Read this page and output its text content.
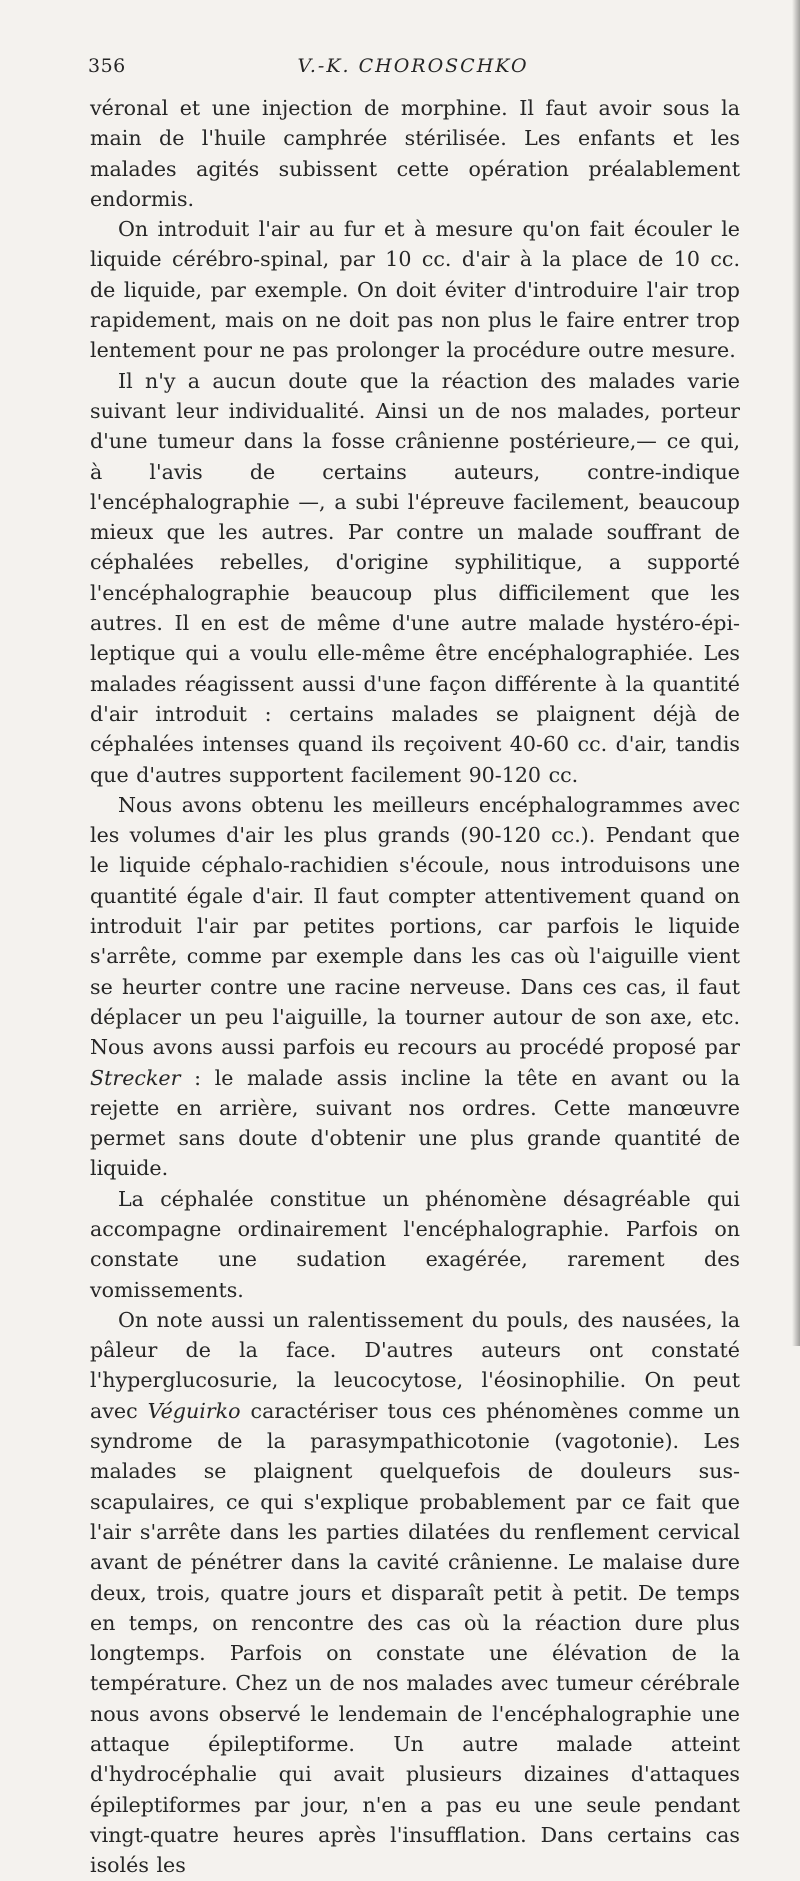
356	V.-K. CHOROSCHKO

véronal et une injection de morphine. Il faut avoir sous la main de l'huile camphrée stérilisée. Les enfants et les malades agités subissent cette opération préalablement endormis.

On introduit l'air au fur et à mesure qu'on fait écouler le liquide cérébro-spinal, par 10 cc. d'air à la place de 10 cc. de liquide, par exemple. On doit éviter d'introduire l'air trop rapidement, mais on ne doit pas non plus le faire entrer trop lentement pour ne pas prolonger la procédure outre mesure.

Il n'y a aucun doute que la réaction des malades varie suivant leur individualité. Ainsi un de nos malades, porteur d'une tumeur dans la fosse crânienne postérieure,— ce qui, à l'avis de certains auteurs, contre-indique l'encéphalographie —, a subi l'épreuve facilement, beaucoup mieux que les autres. Par contre un malade souffrant de céphalées rebelles, d'origine syphilitique, a supporté l'encéphalographie beaucoup plus difficilement que les autres. Il en est de même d'une autre malade hystéro-épileptique qui a voulu elle-même être encéphalographiée. Les malades réagissent aussi d'une façon différente à la quantité d'air introduit : certains malades se plaignent déjà de céphalées intenses quand ils reçoivent 40-60 cc. d'air, tandis que d'autres supportent facilement 90-120 cc.

Nous avons obtenu les meilleurs encéphalogrammes avec les volumes d'air les plus grands (90-120 cc.). Pendant que le liquide céphalo-rachidien s'écoule, nous introduisons une quantité égale d'air. Il faut compter attentivement quand on introduit l'air par petites portions, car parfois le liquide s'arrête, comme par exemple dans les cas où l'aiguille vient se heurter contre une racine nerveuse. Dans ces cas, il faut déplacer un peu l'aiguille, la tourner autour de son axe, etc. Nous avons aussi parfois eu recours au procédé proposé par Strecker : le malade assis incline la tête en avant ou la rejette en arrière, suivant nos ordres. Cette manœuvre permet sans doute d'obtenir une plus grande quantité de liquide.

La céphalée constitue un phénomène désagréable qui accompagne ordinairement l'encéphalographie. Parfois on constate une sudation exagérée, rarement des vomissements.

On note aussi un ralentissement du pouls, des nausées, la pâleur de la face. D'autres auteurs ont constaté l'hyperglucosurie, la leucocytose, l'éosinophilie. On peut avec Véguirko caractériser tous ces phénomènes comme un syndrome de la parasympathicotonie (vagotonie). Les malades se plaignent quelquefois de douleurs sus-scapulaires, ce qui s'explique probablement par ce fait que l'air s'arrête dans les parties dilatées du renflement cervical avant de pénétrer dans la cavité crânienne. Le malaise dure deux, trois, quatre jours et disparaît petit à petit. De temps en temps, on rencontre des cas où la réaction dure plus longtemps. Parfois on constate une élévation de la température. Chez un de nos malades avec tumeur cérébrale nous avons observé le lendemain de l'encéphalographie une attaque épileptiforme. Un autre malade atteint d'hydrocéphalie qui avait plusieurs dizaines d'attaques épileptiformes par jour, n'en a pas eu une seule pendant vingt-quatre heures après l'insufflation. Dans certains cas isolés les
